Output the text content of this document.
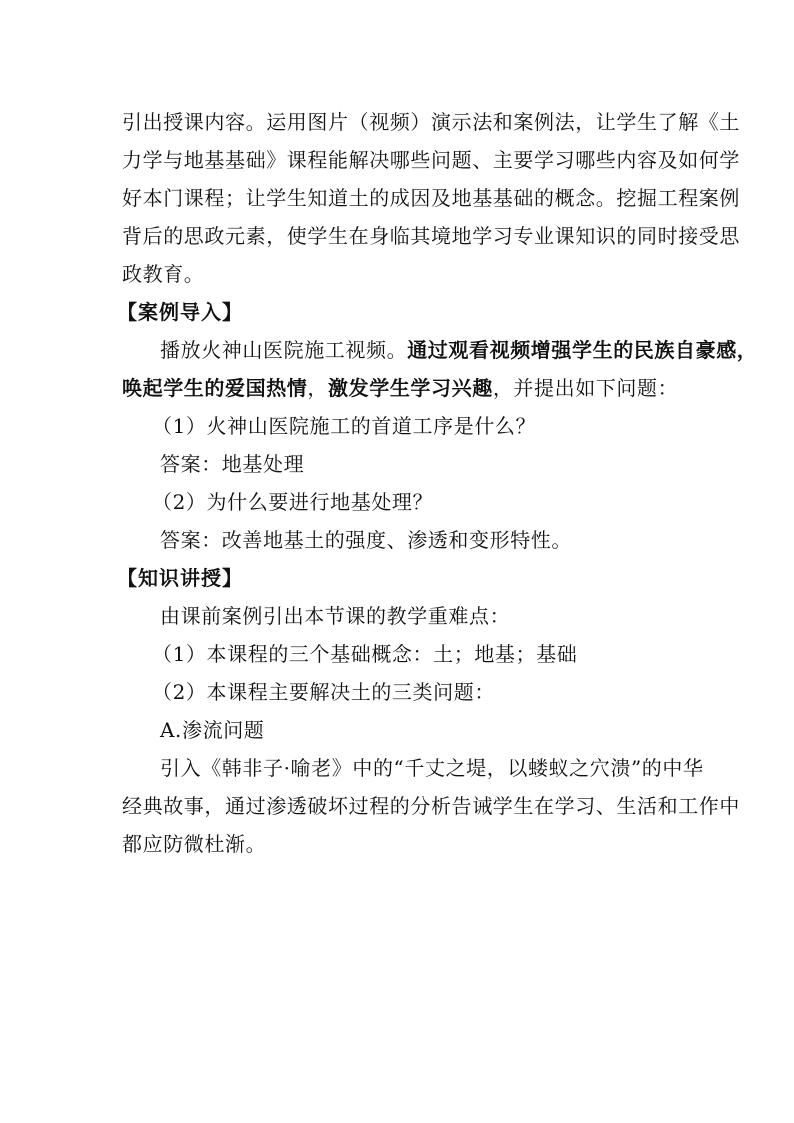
引出授课内容。运用图片（视频）演示法和案例法，让学生了解《土
力学与地基基础》课程能解决哪些问题、主要学习哪些内容及如何学
好本门课程；让学生知道土的成因及地基基础的概念。挖掘工程案例
背后的思政元素，使学生在身临其境地学习专业课知识的同时接受思
政教育。
【案例导入】
播放火神山医院施工视频。通过观看视频增强学生的民族自豪感，
唤起学生的爱国热情，激发学生学习兴趣，并提出如下问题：
（1）火神山医院施工的首道工序是什么？
答案：地基处理
（2）为什么要进行地基处理？
答案：改善地基土的强度、渗透和变形特性。
【知识讲授】
由课前案例引出本节课的教学重难点：
（1）本课程的三个基础概念：土；地基；基础
（2）本课程主要解决土的三类问题：
A.渗流问题
引入《韩非子·喻老》中的“千丈之堤，以蝼蚁之穴溃”的中华
经典故事，通过渗透破坏过程的分析告诫学生在学习、生活和工作中
都应防微杜渐。
